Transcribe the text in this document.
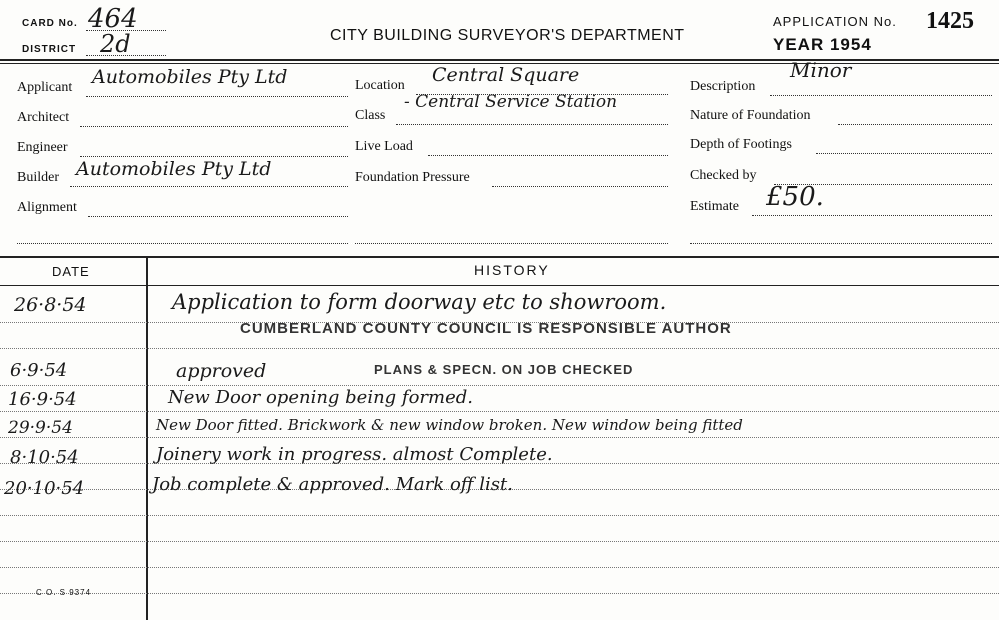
CARD No. 464
DISTRICT 2d	CITY BUILDING SURVEYOR'S DEPARTMENT
APPLICATION No. 1425
YEAR 1954
Applicant Automobiles Pty Ltd
Architect
Engineer
Builder Automobiles Pty Ltd
Alignment
Location Central Square
Class
- Central Service Station
Live Load
Foundation Pressure
Description
Minor
Nature of Foundation
Depth of Footings
Checked by
Estimate £50.
DATE	HISTORY
26·8·54	Application to form doorway etc to showroom.
CUMBERLAND COUNTY COUNCIL IS RESPONSIBLE AUTHOR
6·9·54	approved	PLANS & SPECN. ON JOB CHECKED
16·9·54	New Door opening being formed.
29·9·54	New Door fitted. Brickwork & new window broken. New window being fitted
8·10·54	Joinery work in progress. almost Complete.
20·10·54	Job complete & approved. Mark off list.
C O. S 9374
